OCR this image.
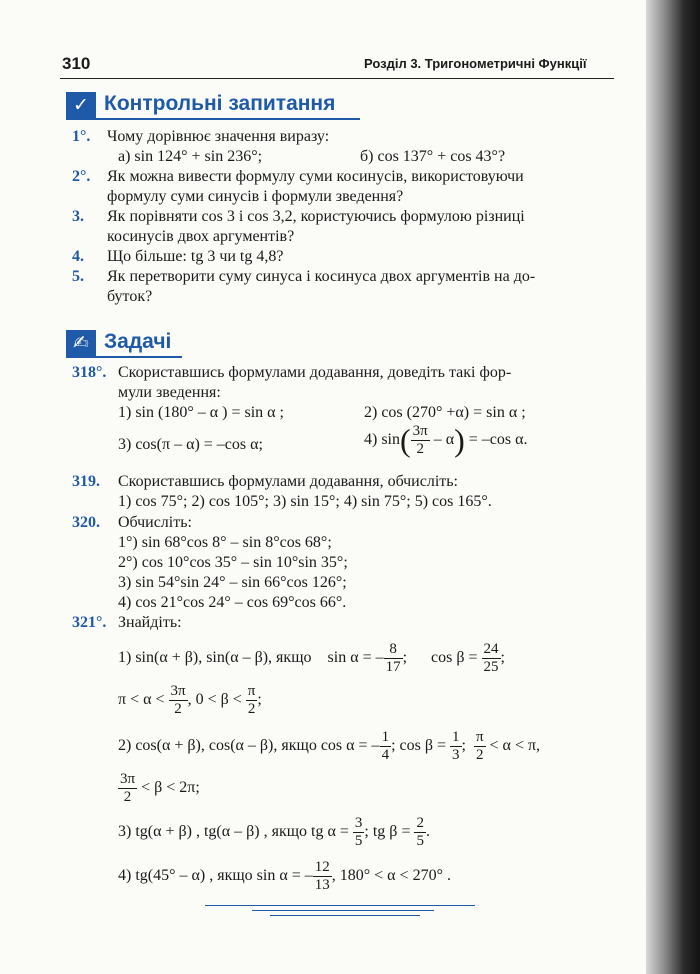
310	Розділ 3. Тригонометричні Функції
✓ Контрольні запитання
1°. Чому дорівнює значення виразу:
а) sin 124° + sin 236°;	б) cos 137° + cos 43°?
2°. Як можна вивести формулу суми косинусів, використовуючи
формулу суми синусів і формули зведення?
3. Як порівняти cos 3 і cos 3,2, користуючись формулою різниці
косинусів двох аргументів?
4. Що більше: tg 3 чи tg 4,8?
5. Як перетворити суму синуса і косинуса двох аргументів на до-
буток?
✍ Задачі
318°. Скориставшись формулами додавання, доведіть такі фор-
мули зведення:
1) sin (180° – α ) = sin α ;	2) cos (270° +α) = sin α ;
3) cos(π – α) = –cos α;	4) $\sin( \frac{3\pi}{2} - \alpha) = -\cos$ α.
319. Скориставшись формулами додавання, обчисліть:
1) cos 75°; 2) cos 105°; 3) sin 15°; 4) sin 75°; 5) cos 165°.
320. Обчисліть:
1°) sin 68°cos 8° – sin 8°cos 68°;
2°) cos 10°cos 35° – sin 10°sin 35°;
3) sin 54°sin 24° – sin 66°cos 126°;
4) cos 21°cos 24° – cos 69°cos 66°.
321°. Знайдіть:
1) sin(α + β), sin(α – β), якщо sin α = – $\frac{8}{17}$ ; $\cos \beta = \frac{24}{25}$ ;
$\pi < \alpha < \frac{3\pi}{2}$ , $0 < \beta < \frac{\pi}{2}$ ;
2) cos(α + β), cos(α – β), якщо cos α = – $\frac{1}{4}$ ; $\cos \beta = \frac{1}{3}$ ; $\frac{\pi}{2} < \alpha < \pi$,
$\frac{3\pi}{2} < \beta < 2\pi$;
3) tg(α + β) , tg(α – β) , якщо tg $\alpha = \frac{3}{5}$ ; tg $\beta = \frac{2}{5}$ .
4) tg(45° – α) , якщо sin α = – $\frac{12}{13}$ , 180° < α < 270° .
